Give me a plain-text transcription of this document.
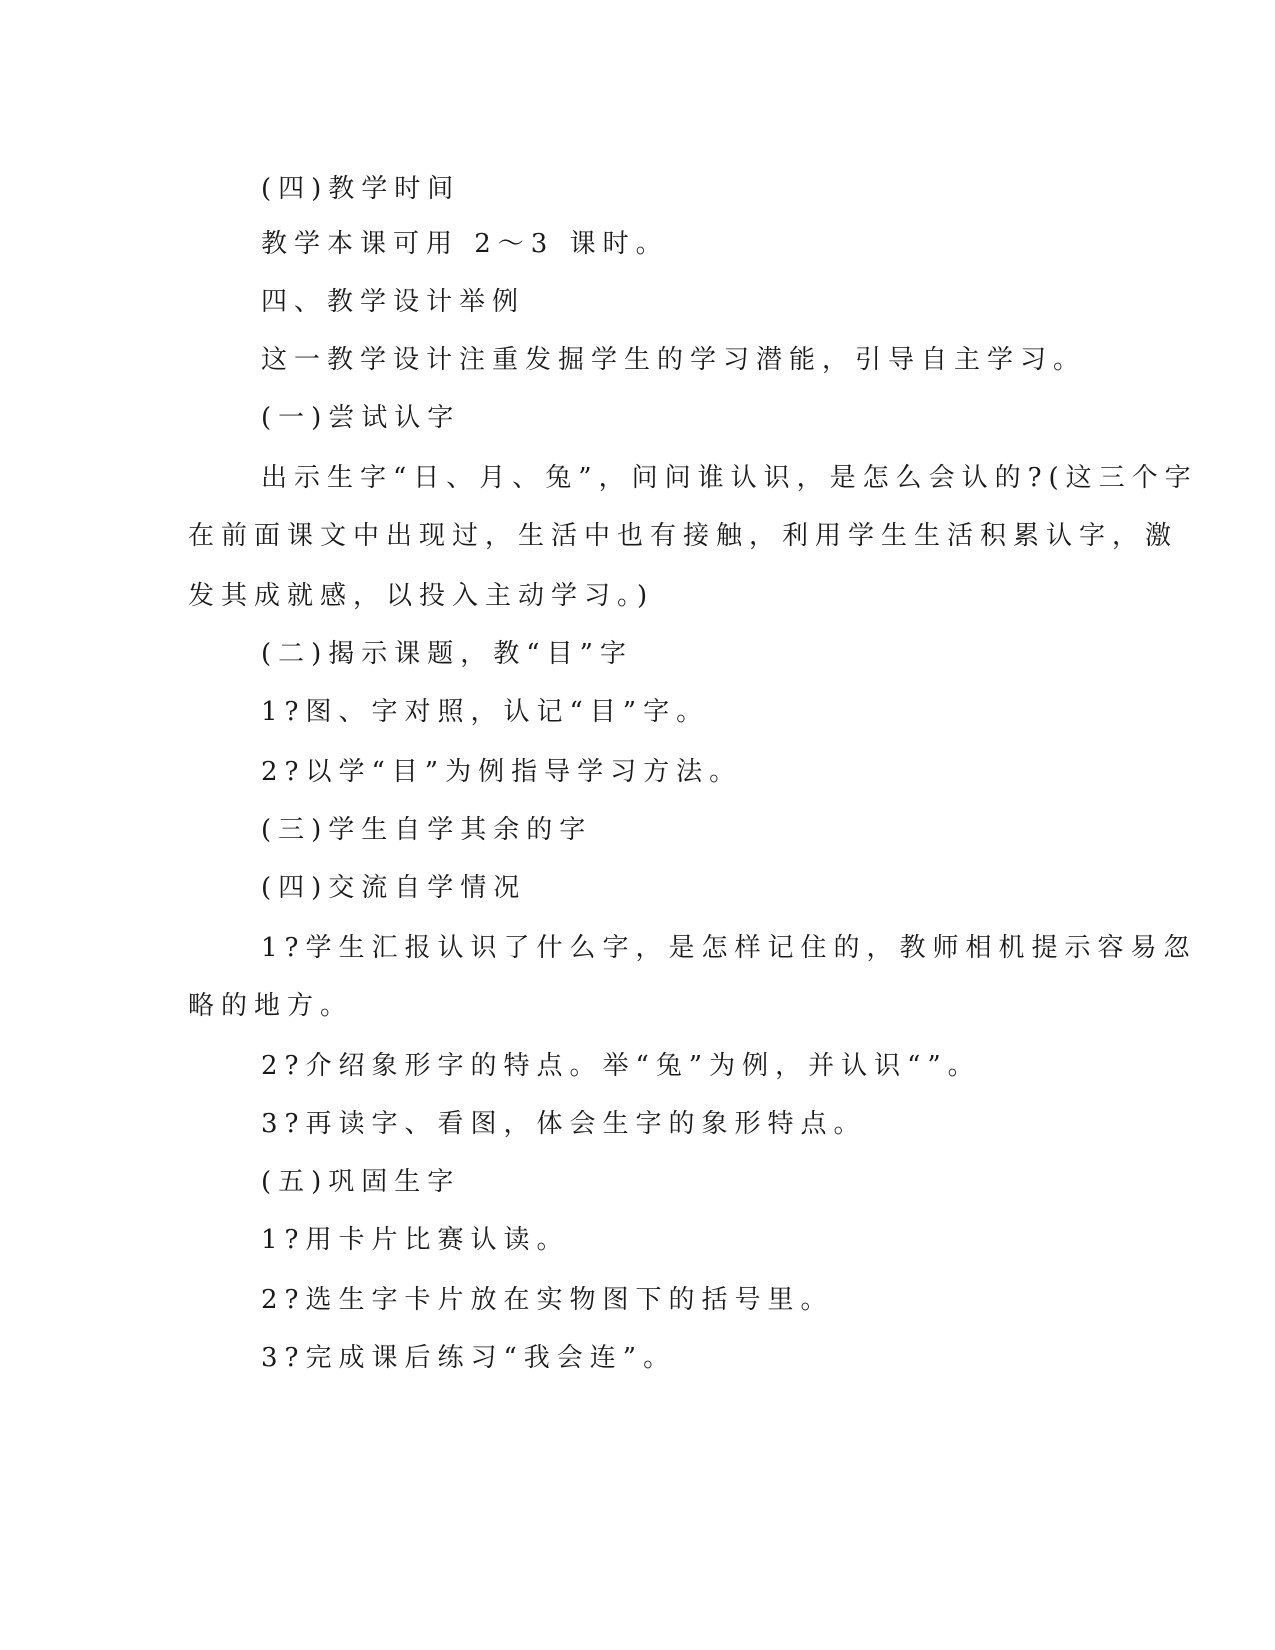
(四)教学时间
教学本课可用 2～3 课时。
四、教学设计举例
这一教学设计注重发掘学生的学习潜能，引导自主学习。
(一)尝试认字
出示生字“日、月、兔”，问问谁认识，是怎么会认的?(这三个字
在前面课文中出现过，生活中也有接触，利用学生生活积累认字，激
发其成就感，以投入主动学习。)
(二)揭示课题，教“目”字
1?图、字对照，认记“目”字。
2?以学“目”为例指导学习方法。
(三)学生自学其余的字
(四)交流自学情况
1?学生汇报认识了什么字，是怎样记住的，教师相机提示容易忽
略的地方。
2?介绍象形字的特点。举“兔”为例，并认识“”。
3?再读字、看图，体会生字的象形特点。
(五)巩固生字
1?用卡片比赛认读。
2?选生字卡片放在实物图下的括号里。
3?完成课后练习“我会连”。
